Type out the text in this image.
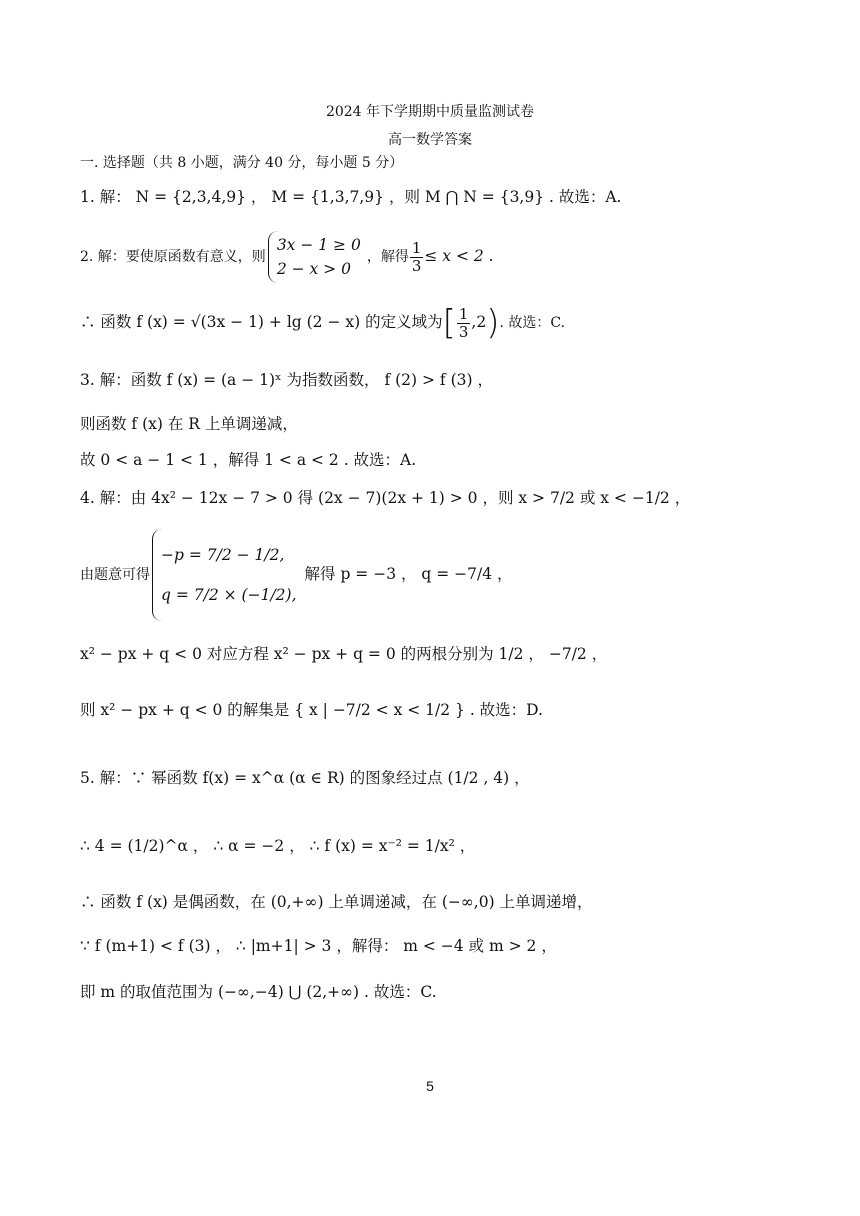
2024 年下学期期中质量监测试卷
高一数学答案
一. 选择题（共 8 小题，满分 40 分，每小题 5 分）
1. 解： N = {2,3,4,9} ， M = {1,3,7,9} ，则 M ⋂ N = {3,9} . 故选：A.
2. 解：要使原函数有意义，则
3x − 1 ≥ 0
2 − x > 0
，解得 $\frac{1}{3} \le x < 2$ .
∴ 函数 f (x) = √(3x − 1) + lg (2 − x) 的定义域为[ $\frac{1}{3} ,2$). 故选：C.
3. 解：函数 f (x) = (a − 1)ˣ 为指数函数， f (2) > f (3) ，
则函数 f (x) 在 R 上单调递减，
故 0 < a − 1 < 1 ，解得 1 < a < 2 . 故选：A.
4. 解：由 4x² − 12x − 7 > 0 得 (2x − 7)(2x + 1) > 0 ，则 x > 7/2 或 x < −1/2 ，
由题意可得
−p = 7/2 − 1/2,
q = 7/2 × (−1/2),
解得 p = −3 ， q = −7/4 ，
x² − px + q < 0 对应方程 x² − px + q = 0 的两根分别为 1/2 ， −7/2 ，
则 x² − px + q < 0 的解集是 { x | −7/2 < x < 1/2 } . 故选：D.
5. 解：∵ 幂函数 f(x) = x^α (α ∈ R) 的图象经过点 (1/2 , 4) ，
∴ 4 = (1/2)^α ， ∴ α = −2 ， ∴ f (x) = x⁻² = 1/x² ，
∴ 函数 f (x) 是偶函数，在 (0,+∞) 上单调递减，在 (−∞,0) 上单调递增，
∵ f (m+1) < f (3) ， ∴ |m+1| > 3 ，解得： m < −4 或 m > 2 ，
即 m 的取值范围为 (−∞,−4) ⋃ (2,+∞) . 故选：C.
5
